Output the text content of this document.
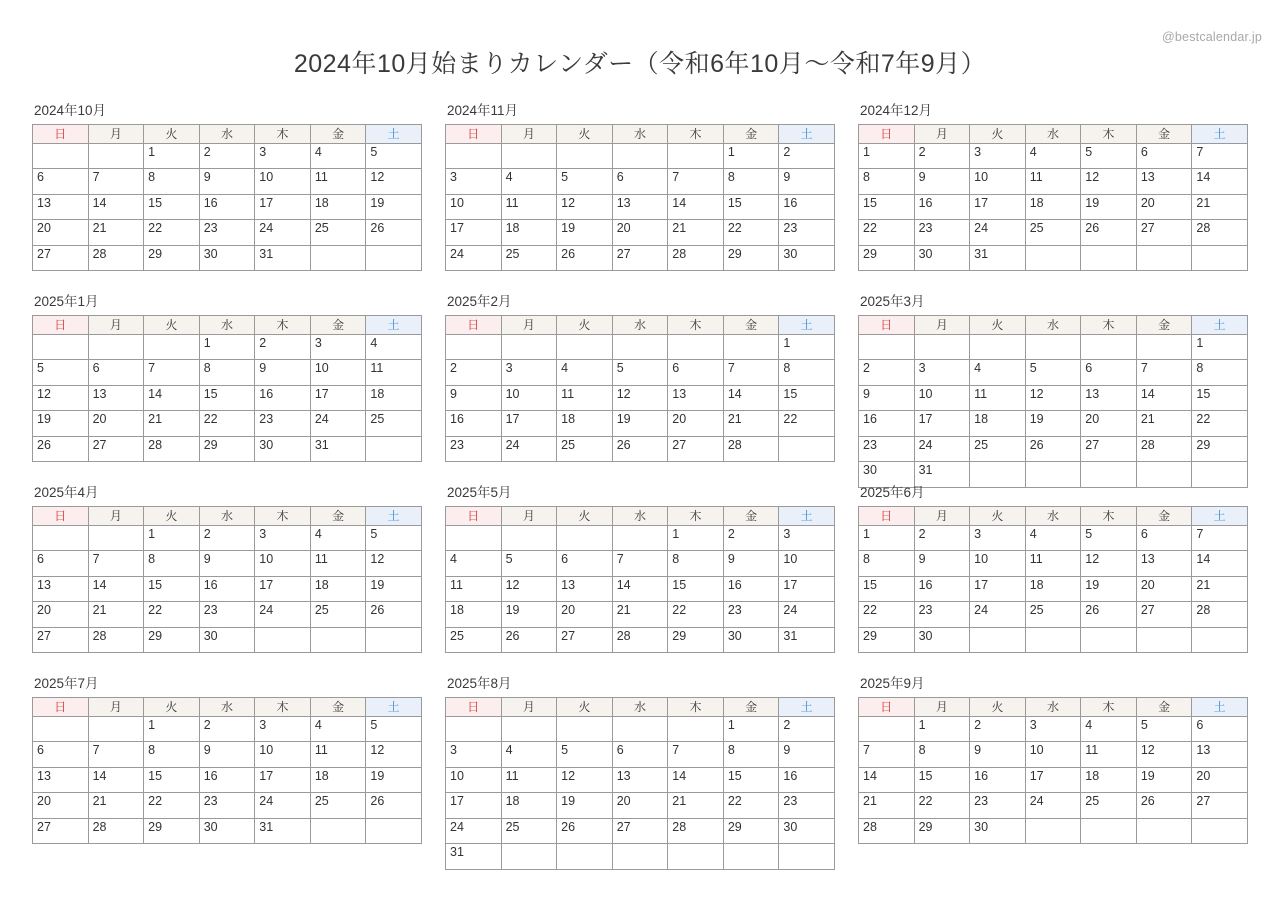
@bestcalendar.jp
2024年10月始まりカレンダー（令和6年10月〜令和7年9月）
2024年10月
日	月	火	水	木	金	土
		1	2	3	4	5
6	7	8	9	10	11	12
13	14	15	16	17	18	19
20	21	22	23	24	25	26
27	28	29	30	31		
2024年11月
日	月	火	水	木	金	土
					1	2
3	4	5	6	7	8	9
10	11	12	13	14	15	16
17	18	19	20	21	22	23
24	25	26	27	28	29	30
2024年12月
日	月	火	水	木	金	土
1	2	3	4	5	6	7
8	9	10	11	12	13	14
15	16	17	18	19	20	21
22	23	24	25	26	27	28
29	30	31				
2025年1月
日	月	火	水	木	金	土
			1	2	3	4
5	6	7	8	9	10	11
12	13	14	15	16	17	18
19	20	21	22	23	24	25
26	27	28	29	30	31	
2025年2月
日	月	火	水	木	金	土
						1
2	3	4	5	6	7	8
9	10	11	12	13	14	15
16	17	18	19	20	21	22
23	24	25	26	27	28	
2025年3月
日	月	火	水	木	金	土
						1
2	3	4	5	6	7	8
9	10	11	12	13	14	15
16	17	18	19	20	21	22
23	24	25	26	27	28	29
30	31					
2025年4月
日	月	火	水	木	金	土
		1	2	3	4	5
6	7	8	9	10	11	12
13	14	15	16	17	18	19
20	21	22	23	24	25	26
27	28	29	30			
2025年5月
日	月	火	水	木	金	土
				1	2	3
4	5	6	7	8	9	10
11	12	13	14	15	16	17
18	19	20	21	22	23	24
25	26	27	28	29	30	31
2025年6月
日	月	火	水	木	金	土
1	2	3	4	5	6	7
8	9	10	11	12	13	14
15	16	17	18	19	20	21
22	23	24	25	26	27	28
29	30					
2025年7月
日	月	火	水	木	金	土
		1	2	3	4	5
6	7	8	9	10	11	12
13	14	15	16	17	18	19
20	21	22	23	24	25	26
27	28	29	30	31		
2025年8月
日	月	火	水	木	金	土
					1	2
3	4	5	6	7	8	9
10	11	12	13	14	15	16
17	18	19	20	21	22	23
24	25	26	27	28	29	30
31						
2025年9月
日	月	火	水	木	金	土
	1	2	3	4	5	6
7	8	9	10	11	12	13
14	15	16	17	18	19	20
21	22	23	24	25	26	27
28	29	30				
